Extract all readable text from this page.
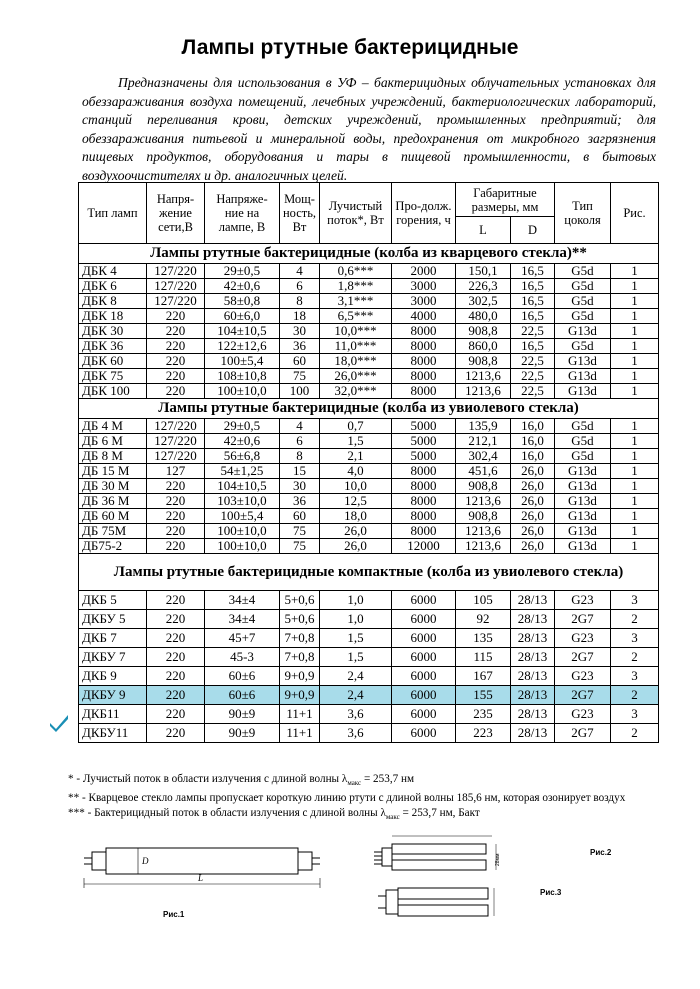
Лампы ртутные бактерицидные
Предназначены для использования в УФ – бактерицидных облучательных установках для обеззараживания воздуха помещений, лечебных учреждений, бактериологических лабораторий, станций переливания крови, детских учреждений, промышленных предприятий; для обеззараживания питьевой и минеральной воды, предохранения от микробного загрязнения пищевых продуктов, оборудования и тары в пищевой промышленности, в бытовых воздухоочистителях и др. аналогичных целей.
Тип ламп	Напря-жение сети,В	Напряже-ние на лампе, В	Мощ-ность, Вт	Лучистый поток*, Вт	Про-долж. горения, ч	Габаритные размеры, мм		Тип цоколя	Рис.
						L	D		
Лампы ртутные бактерицидные (колба из кварцевого стекла)**									
ДБК 4	127/220	29±0,5	4	0,6***	2000	150,1	16,5	G5d	1
ДБК 6	127/220	42±0,6	6	1,8***	3000	226,3	16,5	G5d	1
ДБК 8	127/220	58±0,8	8	3,1***	3000	302,5	16,5	G5d	1
ДБК 18	220	60±6,0	18	6,5***	4000	480,0	16,5	G5d	1
ДБК 30	220	104±10,5	30	10,0***	8000	908,8	22,5	G13d	1
ДБК 36	220	122±12,6	36	11,0***	8000	860,0	16,5	G5d	1
ДБК 60	220	100±5,4	60	18,0***	8000	908,8	22,5	G13d	1
ДБК 75	220	108±10,8	75	26,0***	8000	1213,6	22,5	G13d	1
ДБК 100	220	100±10,0	100	32,0***	8000	1213,6	22,5	G13d	1
Лампы ртутные бактерицидные (колба из увиолевого стекла)									
ДБ 4 М	127/220	29±0,5	4	0,7	5000	135,9	16,0	G5d	1
ДБ 6 М	127/220	42±0,6	6	1,5	5000	212,1	16,0	G5d	1
ДБ 8 М	127/220	56±6,8	8	2,1	5000	302,4	16,0	G5d	1
ДБ 15 М	127	54±1,25	15	4,0	8000	451,6	26,0	G13d	1
ДБ 30 М	220	104±10,5	30	10,0	8000	908,8	26,0	G13d	1
ДБ 36 М	220	103±10,0	36	12,5	8000	1213,6	26,0	G13d	1
ДБ 60 М	220	100±5,4	60	18,0	8000	908,8	26,0	G13d	1
ДБ 75М	220	100±10,0	75	26,0	8000	1213,6	26,0	G13d	1
ДБ75-2	220	100±10,0	75	26,0	12000	1213,6	26,0	G13d	1
Лампы ртутные бактерицидные компактные (колба из увиолевого стекла)									
ДКБ 5	220	34±4	5+0,6	1,0	6000	105	28/13	G23	3
ДКБУ 5	220	34±4	5+0,6	1,0	6000	92	28/13	2G7	2
ДКБ 7	220	45+7	7+0,8	1,5	6000	135	28/13	G23	3
ДКБУ 7	220	45-3	7+0,8	1,5	6000	115	28/13	2G7	2
ДКБ 9	220	60±6	9+0,9	2,4	6000	167	28/13	G23	3
ДКБУ 9	220	60±6	9+0,9	2,4	6000	155	28/13	2G7	2
ДКБ11	220	90±9	11+1	3,6	6000	235	28/13	G23	3
ДКБУ11	220	90±9	11+1	3,6	6000	223	28/13	2G7	2
* - Лучистый поток в области излучения с длиной волны $\lambda_{макс} = 253,7$ нм
** - Кварцевое стекло лампы пропускает короткую линию ртути с длиной волны 185,6 нм, которая озонирует воздух
*** - Бактерицидный поток в области излучения с длиной волны $\lambda_{макс} = 253,7$ нм, Бакт
D
L
Рис.1
28мм
Рис.2
Рис.3
